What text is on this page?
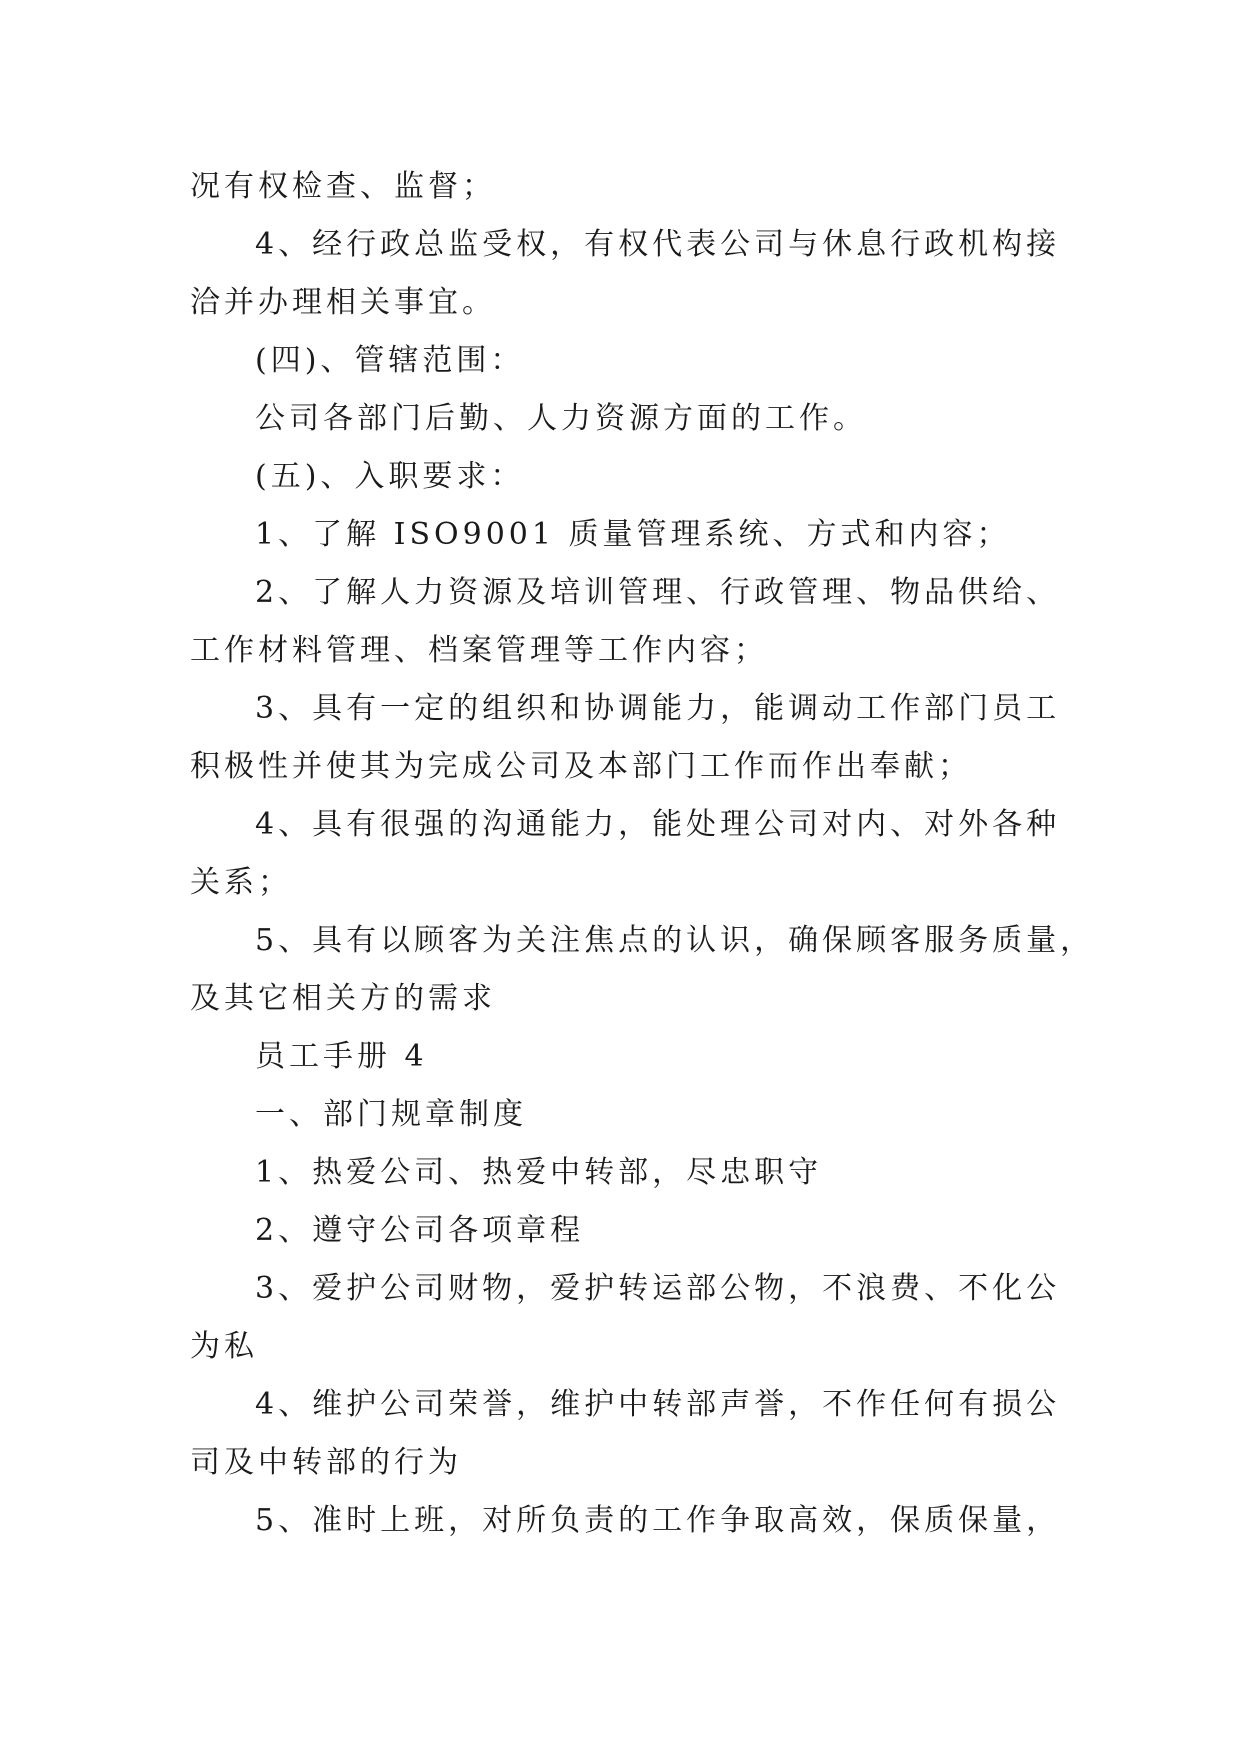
况有权检查、监督；
4、经行政总监受权，有权代表公司与休息行政机构接
洽并办理相关事宜。
(四)、管辖范围：
公司各部门后勤、人力资源方面的工作。
(五)、入职要求：
1、了解 ISO9001 质量管理系统、方式和内容；
2、了解人力资源及培训管理、行政管理、物品供给、
工作材料管理、档案管理等工作内容；
3、具有一定的组织和协调能力，能调动工作部门员工
积极性并使其为完成公司及本部门工作而作出奉献；
4、具有很强的沟通能力，能处理公司对内、对外各种
关系；
5、具有以顾客为关注焦点的认识，确保顾客服务质量，
及其它相关方的需求
员工手册 4
一、部门规章制度
1、热爱公司、热爱中转部，尽忠职守
2、遵守公司各项章程
3、爱护公司财物，爱护转运部公物，不浪费、不化公
为私
4、维护公司荣誉，维护中转部声誉，不作任何有损公
司及中转部的行为
5、准时上班，对所负责的工作争取高效，保质保量，
